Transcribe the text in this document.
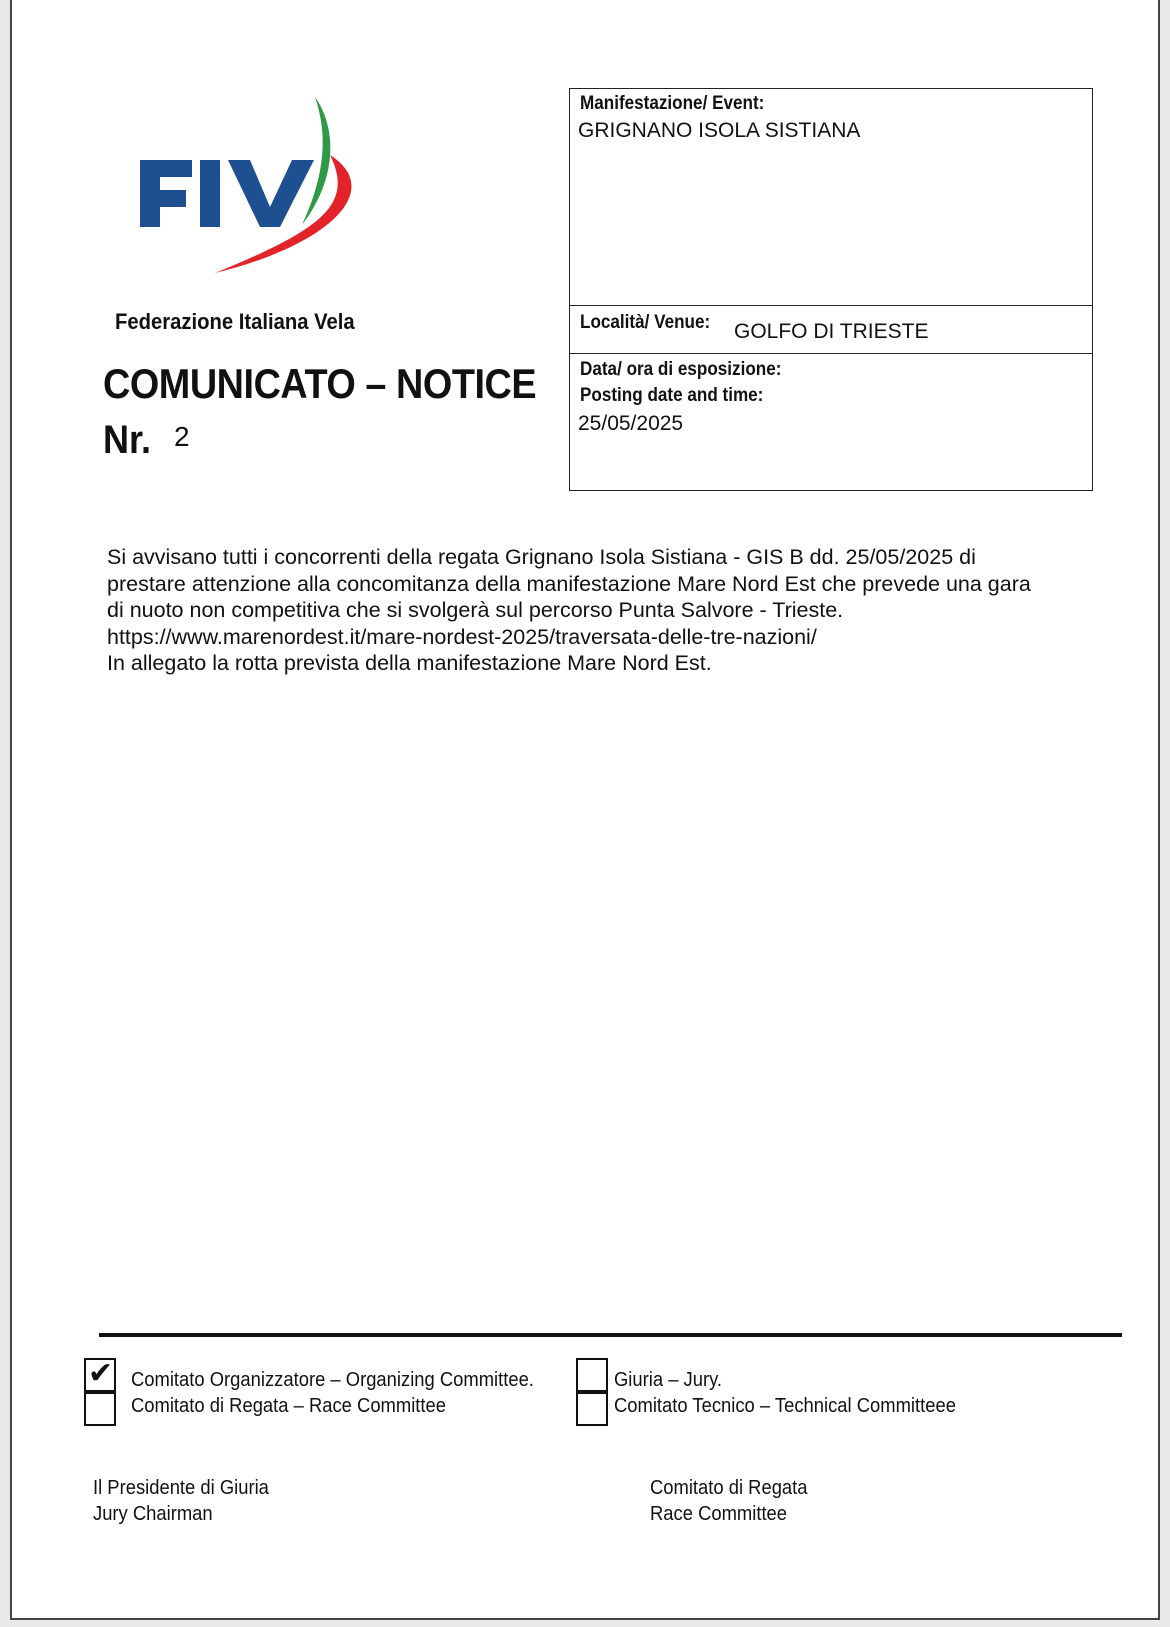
Federazione Italiana Vela
COMUNICATO – NOTICE
Nr. 2
Manifestazione/ Event:
GRIGNANO ISOLA SISTIANA
Località/ Venue: GOLFO DI TRIESTE
Data/ ora di esposizione:
Posting date and time:
25/05/2025
Si avvisano tutti i concorrenti della regata Grignano Isola Sistiana - GIS B dd. 25/05/2025 di
prestare attenzione alla concomitanza della manifestazione Mare Nord Est che prevede una gara
di nuoto non competitiva che si svolgerà sul percorso Punta Salvore - Trieste.
https://www.marenordest.it/mare-nordest-2025/traversata-delle-tre-nazioni/
In allegato la rotta prevista della manifestazione Mare Nord Est.
✔ Comitato Organizzatore – Organizing Committee.
Comitato di Regata – Race Committee
Giuria – Jury.
Comitato Tecnico – Technical Committeee
Il Presidente di Giuria
Jury Chairman
Comitato di Regata
Race Committee
